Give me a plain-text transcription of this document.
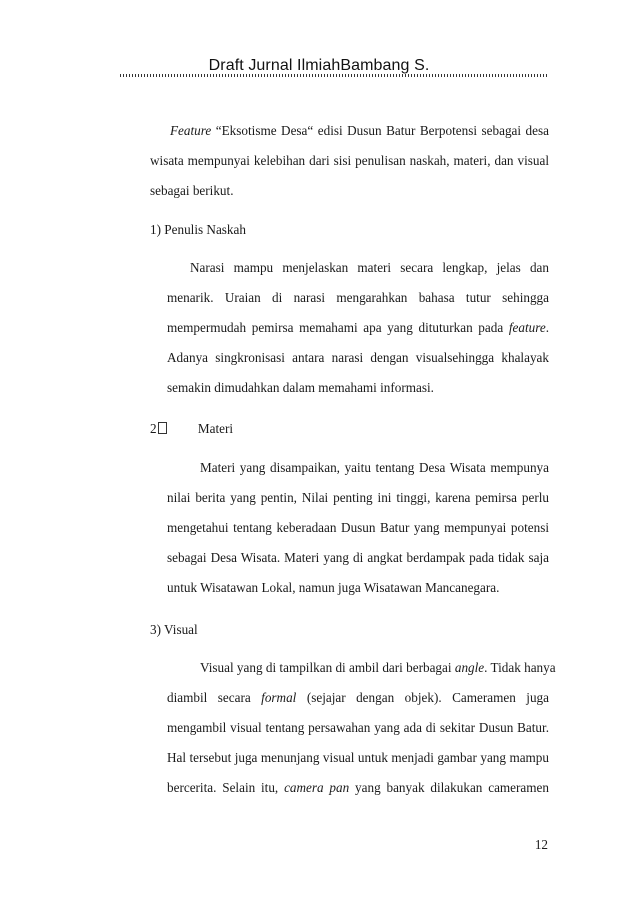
Draft Jurnal IlmiahBambang S.
Feature “Eksotisme Desa“ edisi Dusun Batur Berpotensi sebagai desa
wisata mempunyai kelebihan dari sisi penulisan naskah, materi, dan visual
sebagai berikut.
1) Penulis Naskah
Narasi mampu menjelaskan materi secara lengkap, jelas dan
menarik. Uraian di narasi mengarahkan bahasa tutur sehingga
mempermudah pemirsa memahami apa yang dituturkan pada feature.
Adanya singkronisasi antara narasi dengan visualsehingga khalayak
semakin dimudahkan dalam memahami informasi.
2	Materi
Materi yang disampaikan, yaitu tentang Desa Wisata mempunya
nilai berita yang pentin, Nilai penting ini tinggi, karena pemirsa perlu
mengetahui tentang keberadaan Dusun Batur yang mempunyai potensi
sebagai Desa Wisata. Materi yang di angkat berdampak pada tidak saja
untuk Wisatawan Lokal, namun juga Wisatawan Mancanegara.
3) Visual
Visual yang di tampilkan di ambil dari berbagai angle. Tidak hanya
diambil secara formal (sejajar dengan objek). Cameramen juga
mengambil visual tentang persawahan yang ada di sekitar Dusun Batur.
Hal tersebut juga menunjang visual untuk menjadi gambar yang mampu
bercerita. Selain itu, camera pan yang banyak dilakukan cameramen
12
